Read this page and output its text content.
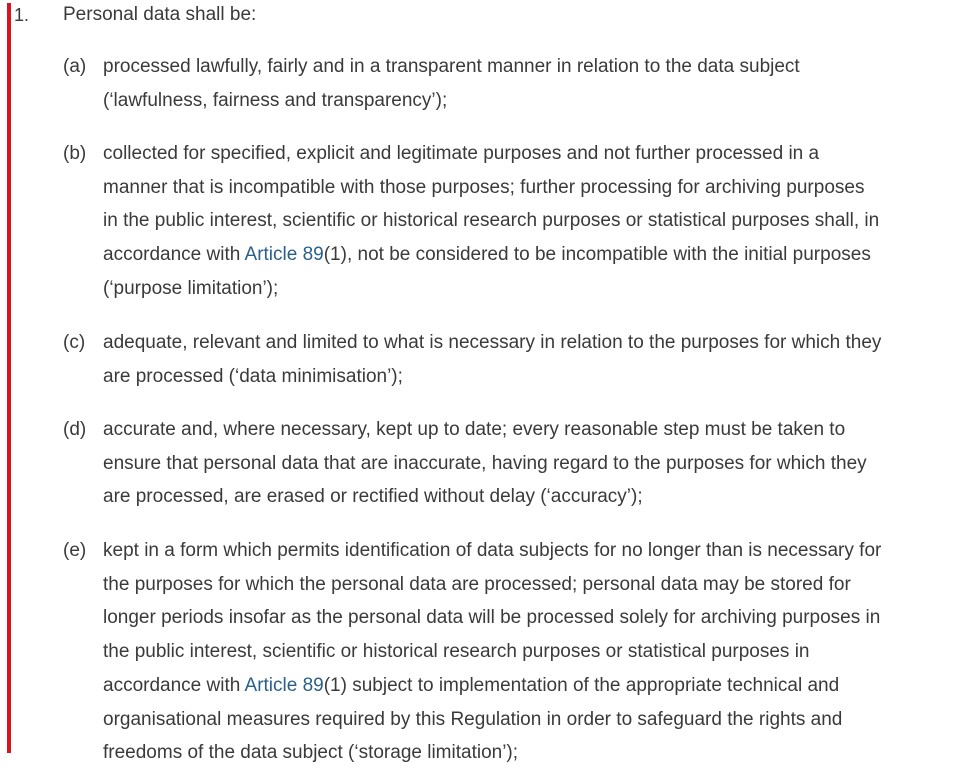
1. Personal data shall be:
(a) processed lawfully, fairly and in a transparent manner in relation to the data subject (‘lawfulness, fairness and transparency’);
(b) collected for specified, explicit and legitimate purposes and not further processed in a manner that is incompatible with those purposes; further processing for archiving purposes in the public interest, scientific or historical research purposes or statistical purposes shall, in accordance with Article 89(1), not be considered to be incompatible with the initial purposes (‘purpose limitation’);
(c) adequate, relevant and limited to what is necessary in relation to the purposes for which they are processed (‘data minimisation’);
(d) accurate and, where necessary, kept up to date; every reasonable step must be taken to ensure that personal data that are inaccurate, having regard to the purposes for which they are processed, are erased or rectified without delay (‘accuracy’);
(e) kept in a form which permits identification of data subjects for no longer than is necessary for the purposes for which the personal data are processed; personal data may be stored for longer periods insofar as the personal data will be processed solely for archiving purposes in the public interest, scientific or historical research purposes or statistical purposes in accordance with Article 89(1) subject to implementation of the appropriate technical and organisational measures required by this Regulation in order to safeguard the rights and freedoms of the data subject (‘storage limitation’);
